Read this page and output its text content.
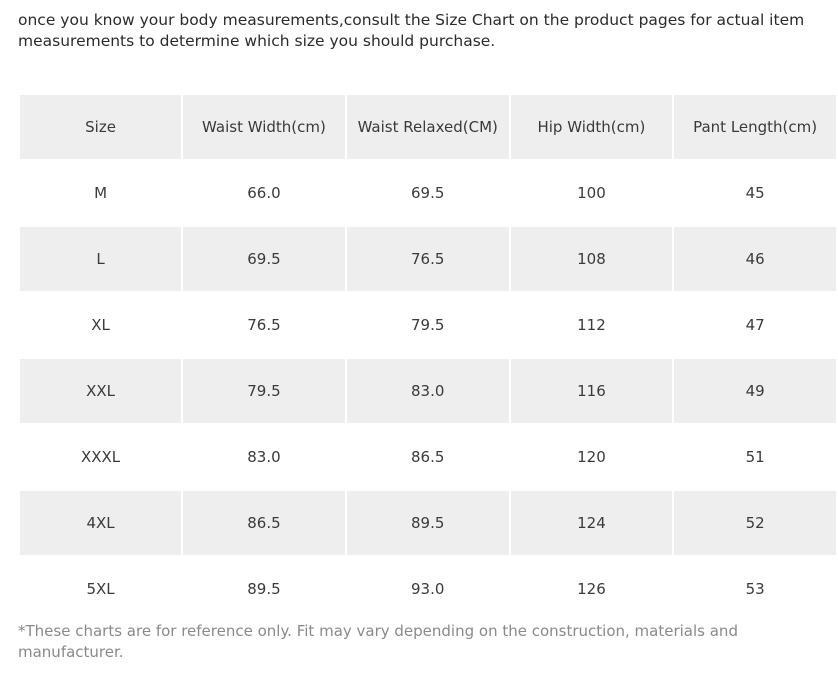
once you know your body measurements,consult the Size Chart on the product pages for actual item measurements to determine which size you should purchase.
Size	Waist Width(cm)	Waist Relaxed(CM)	Hip Width(cm)	Pant Length(cm)
M	66.0	69.5	100	45
L	69.5	76.5	108	46
XL	76.5	79.5	112	47
XXL	79.5	83.0	116	49
XXXL	83.0	86.5	120	51
4XL	86.5	89.5	124	52
5XL	89.5	93.0	126	53
*These charts are for reference only. Fit may vary depending on the construction, materials and manufacturer.
